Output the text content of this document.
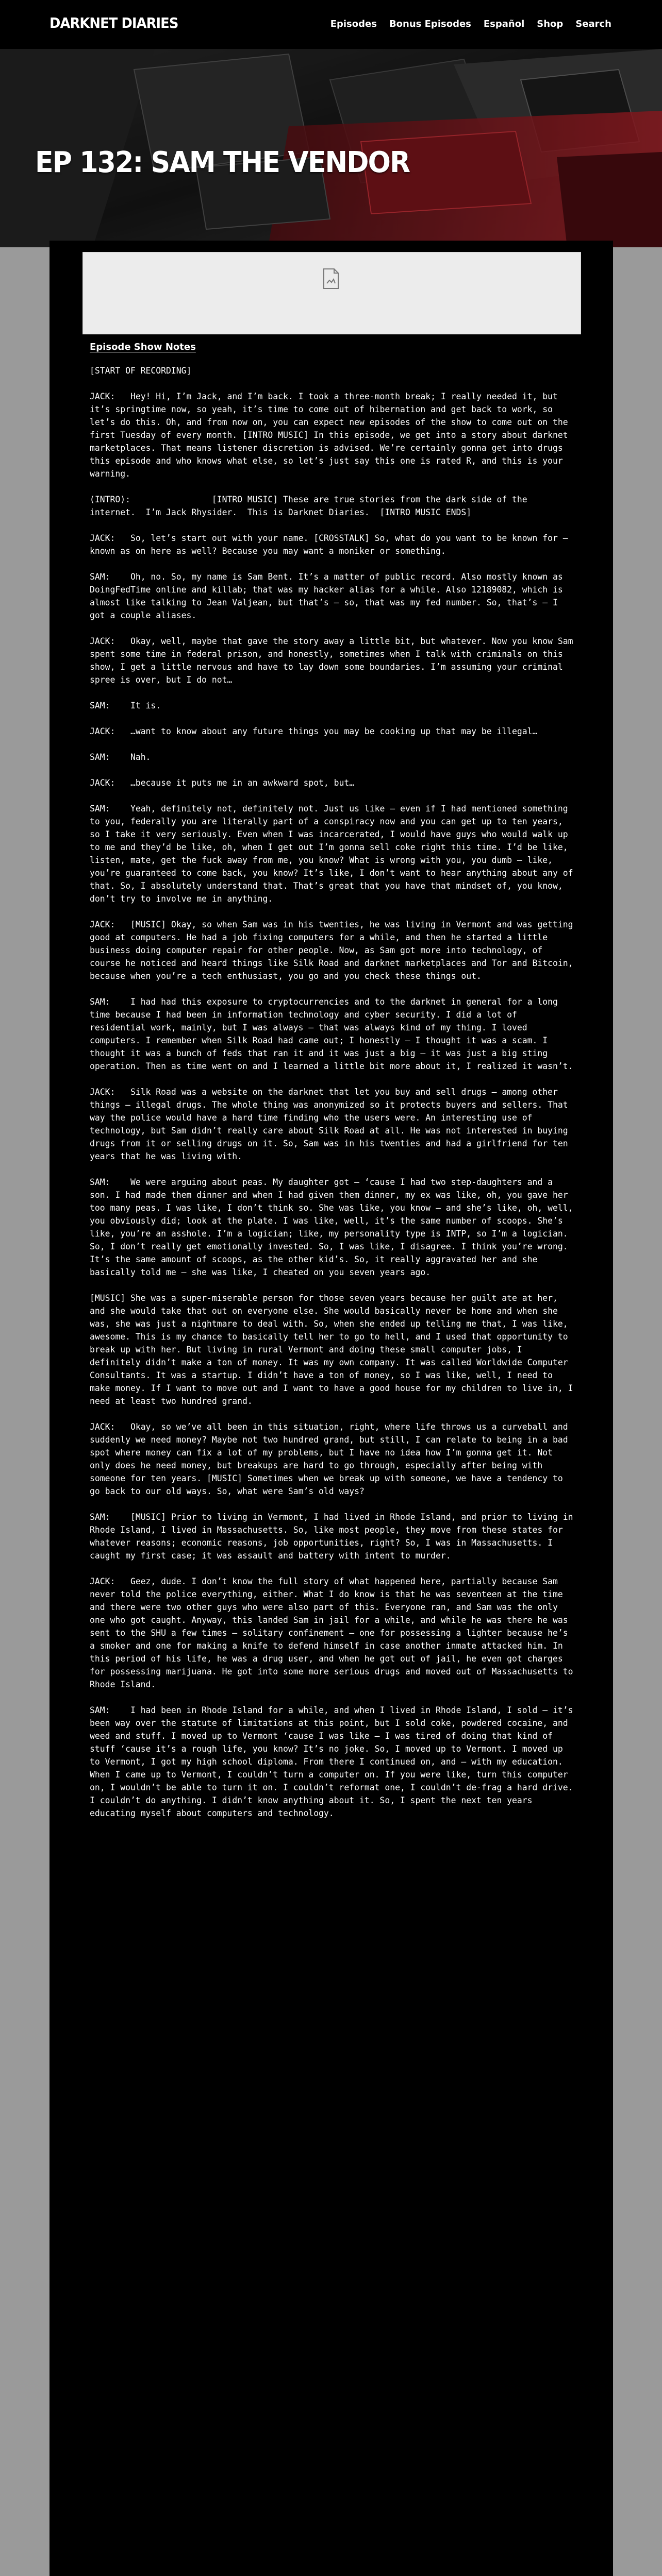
DARKNET DIARIES	Episodes Bonus Episodes Español Shop Search
EP 132: SAM THE VENDOR
Episode Show Notes

[START OF RECORDING]

JACK:	Hey! Hi, I’m Jack, and I’m back. I took a three-month break; I really needed it, but it’s springtime now, so yeah, it’s time to come out of hibernation and get back to work, so let’s do this. Oh, and from now on, you can expect new episodes of the show to come out on the first Tuesday of every month. [INTRO MUSIC] In this episode, we get into a story about darknet marketplaces. That means listener discretion is advised. We’re certainly gonna get into drugs this episode and who knows what else, so let’s just say this one is rated R, and this is your warning.

(INTRO):		[INTRO MUSIC] These are true stories from the dark side of the internet.  I’m Jack Rhysider.  This is Darknet Diaries.  [INTRO MUSIC ENDS]

JACK:	So, let’s start out with your name. [CROSSTALK] So, what do you want to be known for – known as on here as well? Because you may want a moniker or something.

SAM:	Oh, no. So, my name is Sam Bent. It’s a matter of public record. Also mostly known as DoingFedTime online and killab; that was my hacker alias for a while. Also 12189082, which is almost like talking to Jean Valjean, but that’s – so, that was my fed number. So, that’s – I got a couple aliases.

JACK:	Okay, well, maybe that gave the story away a little bit, but whatever. Now you know Sam spent some time in federal prison, and honestly, sometimes when I talk with criminals on this show, I get a little nervous and have to lay down some boundaries. I’m assuming your criminal spree is over, but I do not…

SAM:	It is.

JACK:	…want to know about any future things you may be cooking up that may be illegal…

SAM:	Nah.

JACK:	…because it puts me in an awkward spot, but…

SAM:	Yeah, definitely not, definitely not. Just us like – even if I had mentioned something to you, federally you are literally part of a conspiracy now and you can get up to ten years, so I take it very seriously. Even when I was incarcerated, I would have guys who would walk up to me and they’d be like, oh, when I get out I’m gonna sell coke right this time. I’d be like, listen, mate, get the fuck away from me, you know? What is wrong with you, you dumb – like, you’re guaranteed to come back, you know? It’s like, I don’t want to hear anything about any of that. So, I absolutely understand that. That’s great that you have that mindset of, you know, don’t try to involve me in anything.

JACK:	[MUSIC] Okay, so when Sam was in his twenties, he was living in Vermont and was getting good at computers. He had a job fixing computers for a while, and then he started a little business doing computer repair for other people. Now, as Sam got more into technology, of course he noticed and heard things like Silk Road and darknet marketplaces and Tor and Bitcoin, because when you’re a tech enthusiast, you go and you check these things out.

SAM:	I had had this exposure to cryptocurrencies and to the darknet in general for a long time because I had been in information technology and cyber security. I did a lot of residential work, mainly, but I was always – that was always kind of my thing. I loved computers. I remember when Silk Road had came out; I honestly – I thought it was a scam. I thought it was a bunch of feds that ran it and it was just a big – it was just a big sting operation. Then as time went on and I learned a little bit more about it, I realized it wasn’t.

JACK:	Silk Road was a website on the darknet that let you buy and sell drugs – among other things – illegal drugs. The whole thing was anonymized so it protects buyers and sellers. That way the police would have a hard time finding who the users were. An interesting use of technology, but Sam didn’t really care about Silk Road at all. He was not interested in buying drugs from it or selling drugs on it. So, Sam was in his twenties and had a girlfriend for ten years that he was living with.

SAM:	We were arguing about peas. My daughter got – ‘cause I had two step-daughters and a son. I had made them dinner and when I had given them dinner, my ex was like, oh, you gave her too many peas. I was like, I don’t think so. She was like, you know – and she’s like, oh, well, you obviously did; look at the plate. I was like, well, it’s the same number of scoops. She’s like, you’re an asshole. I’m a logician; like, my personality type is INTP, so I’m a logician. So, I don’t really get emotionally invested. So, I was like, I disagree. I think you’re wrong. It’s the same amount of scoops, as the other kid’s. So, it really aggravated her and she basically told me – she was like, I cheated on you seven years ago.

[MUSIC] She was a super-miserable person for those seven years because her guilt ate at her, and she would take that out on everyone else. She would basically never be home and when she was, she was just a nightmare to deal with. So, when she ended up telling me that, I was like, awesome. This is my chance to basically tell her to go to hell, and I used that opportunity to break up with her. But living in rural Vermont and doing these small computer jobs, I definitely didn’t make a ton of money. It was my own company. It was called Worldwide Computer Consultants. It was a startup. I didn’t have a ton of money, so I was like, well, I need to make money. If I want to move out and I want to have a good house for my children to live in, I need at least two hundred grand.

JACK:	Okay, so we’ve all been in this situation, right, where life throws us a curveball and suddenly we need money? Maybe not two hundred grand, but still, I can relate to being in a bad spot where money can fix a lot of my problems, but I have no idea how I’m gonna get it. Not only does he need money, but breakups are hard to go through, especially after being with someone for ten years. [MUSIC] Sometimes when we break up with someone, we have a tendency to go back to our old ways. So, what were Sam’s old ways?

SAM:	[MUSIC] Prior to living in Vermont, I had lived in Rhode Island, and prior to living in Rhode Island, I lived in Massachusetts. So, like most people, they move from these states for whatever reasons; economic reasons, job opportunities, right? So, I was in Massachusetts. I caught my first case; it was assault and battery with intent to murder.

JACK:	Geez, dude. I don’t know the full story of what happened here, partially because Sam never told the police everything, either. What I do know is that he was seventeen at the time and there were two other guys who were also part of this. Everyone ran, and Sam was the only one who got caught. Anyway, this landed Sam in jail for a while, and while he was there he was sent to the SHU a few times – solitary confinement – one for possessing a lighter because he’s a smoker and one for making a knife to defend himself in case another inmate attacked him. In this period of his life, he was a drug user, and when he got out of jail, he even got charges for possessing marijuana. He got into some more serious drugs and moved out of Massachusetts to Rhode Island.

SAM:	I had been in Rhode Island for a while, and when I lived in Rhode Island, I sold – it’s been way over the statute of limitations at this point, but I sold coke, powdered cocaine, and weed and stuff. I moved up to Vermont ‘cause I was like – I was tired of doing that kind of stuff ‘cause it’s a rough life, you know? It’s no joke. So, I moved up to Vermont. I moved up to Vermont, I got my high school diploma. From there I continued on, and – with my education. When I came up to Vermont, I couldn’t turn a computer on. If you were like, turn this computer on, I wouldn’t be able to turn it on. I couldn’t reformat one, I couldn’t de-frag a hard drive. I couldn’t do anything. I didn’t know anything about it. So, I spent the next ten years educating myself about computers and technology.
